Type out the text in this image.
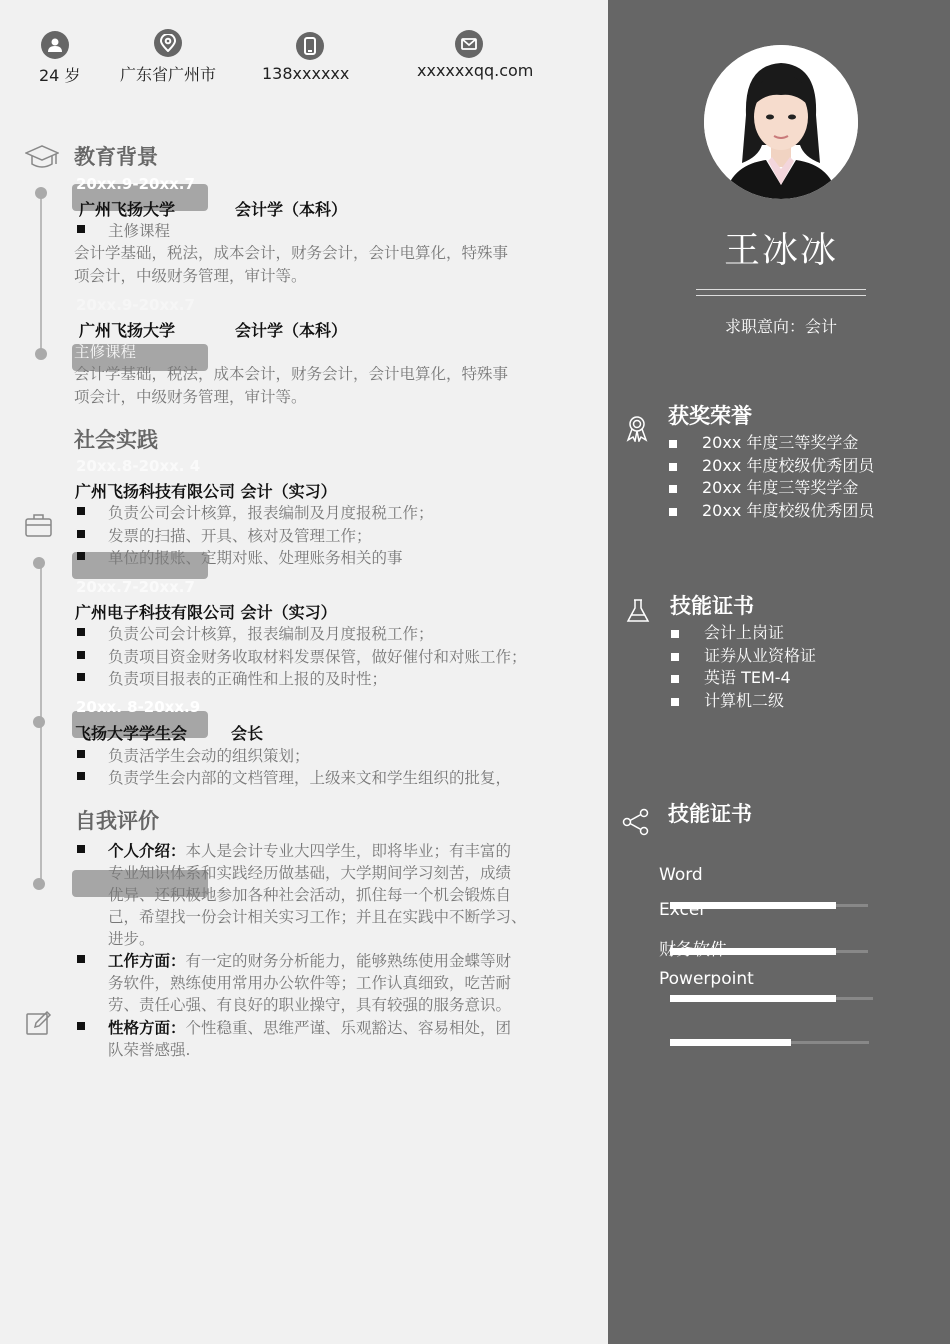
王冰冰
求职意向：会计
获奖荣誉
20xx 年度三等奖学金
20xx 年度校级优秀团员
20xx 年度三等奖学金
20xx 年度校级优秀团员
技能证书
会计上岗证
证券从业资格证
英语 TEM-4
计算机二级
技能证书
Word
Excel
财务软件
Powerpoint
24 岁 广东省广州市	138xxxxxx	xxxxxxqq.com
教育背景
20xx.9-20xx.7
广州飞扬大学	会计学（本科）
主修课程
会计学基础，税法，成本会计，财务会计，会计电算化，特殊事
项会计，中级财务管理，审计等。
20xx.9-20xx.7
广州飞扬大学	会计学（本科）
主修课程
会计学基础，税法，成本会计，财务会计，会计电算化，特殊事
项会计，中级财务管理，审计等。
社会实践
20xx.8-20xx. 4
广州飞扬科技有限公司 会计（实习）
负责公司会计核算，报表编制及月度报税工作；
发票的扫描、开具、核对及管理工作；
单位的报账、定期对账、处理账务相关的事
20xx.7-20xx.7
广州电子科技有限公司 会计（实习）
负责公司会计核算，报表编制及月度报税工作；
负责项目资金财务收取材料发票保管，做好催付和对账工作；
负责项目报表的正确性和上报的及时性；
20xx. 8-20xx.9
飞扬大学学生会	会长
负责活学生会动的组织策划；
负责学生会内部的文档管理，上级来文和学生组织的批复，
自我评价
个人介绍：本人是会计专业大四学生，即将毕业；有丰富的
专业知识体系和实践经历做基础，大学期间学习刻苦，成绩
优异、还积极地参加各种社会活动，抓住每一个机会锻炼自
己，希望找一份会计相关实习工作；并且在实践中不断学习、
进步。
工作方面：有一定的财务分析能力，能够熟练使用金蝶等财
务软件，熟练使用常用办公软件等；工作认真细致，吃苦耐
劳、责任心强、有良好的职业操守，具有较强的服务意识。
性格方面：个性稳重、思维严谨、乐观豁达、容易相处，团
队荣誉感强.
